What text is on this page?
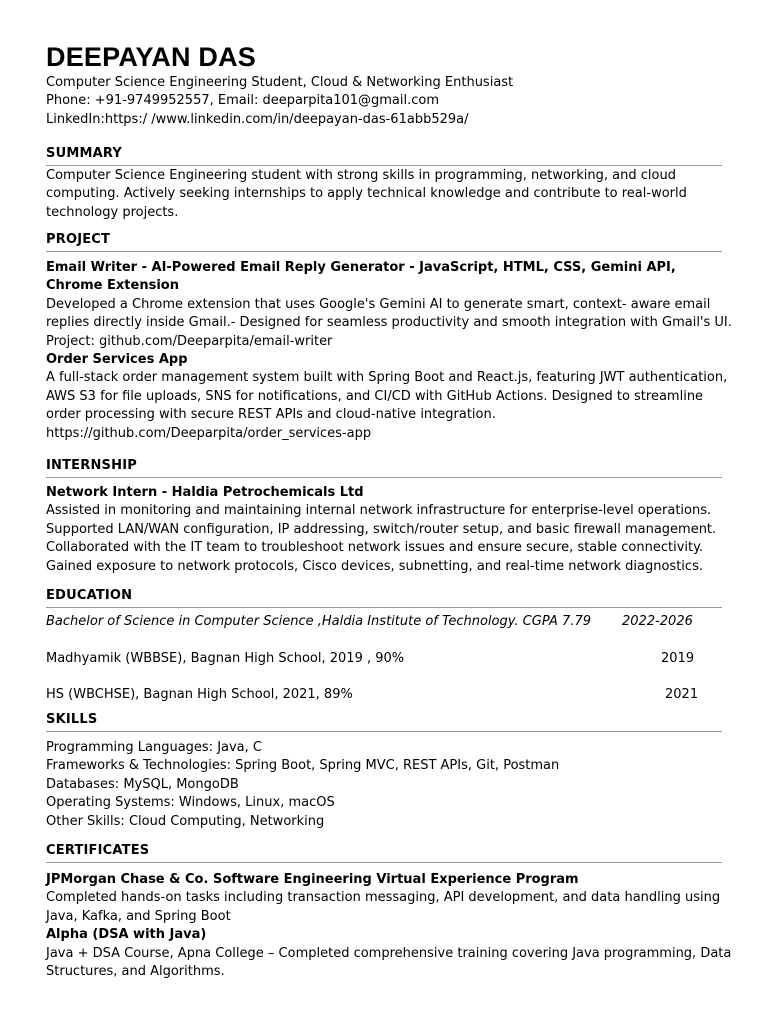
DEEPAYAN DAS
Computer Science Engineering Student, Cloud & Networking Enthusiast
Phone: +91-9749952557, Email: deeparpita101@gmail.com
LinkedIn:https:/ /www.linkedin.com/in/deepayan-das-61abb529a/
SUMMARY
Computer Science Engineering student with strong skills in programming, networking, and cloud
computing. Actively seeking internships to apply technical knowledge and contribute to real-world
technology projects.
PROJECT
Email Writer - AI-Powered Email Reply Generator - JavaScript, HTML, CSS, Gemini API,
Chrome Extension
Developed a Chrome extension that uses Google's Gemini AI to generate smart, context- aware email
replies directly inside Gmail.- Designed for seamless productivity and smooth integration with Gmail's UI.
Project: github.com/Deeparpita/email-writer
Order Services App
A full-stack order management system built with Spring Boot and React.js, featuring JWT authentication,
AWS S3 for file uploads, SNS for notifications, and CI/CD with GitHub Actions. Designed to streamline
order processing with secure REST APIs and cloud-native integration.
https://github.com/Deeparpita/order_services-app
INTERNSHIP
Network Intern - Haldia Petrochemicals Ltd
Assisted in monitoring and maintaining internal network infrastructure for enterprise-level operations.
Supported LAN/WAN configuration, IP addressing, switch/router setup, and basic firewall management.
Collaborated with the IT team to troubleshoot network issues and ensure secure, stable connectivity.
Gained exposure to network protocols, Cisco devices, subnetting, and real-time network diagnostics.
EDUCATION
Bachelor of Science in Computer Science ,Haldia Institute of Technology. CGPA 7.79 2022-2026
Madhyamik (WBBSE), Bagnan High School, 2019 , 90%	2019
HS (WBCHSE), Bagnan High School, 2021, 89%	2021
SKILLS
Programming Languages: Java, C
Frameworks & Technologies: Spring Boot, Spring MVC, REST APIs, Git, Postman
Databases: MySQL, MongoDB
Operating Systems: Windows, Linux, macOS
Other Skills: Cloud Computing, Networking
CERTIFICATES
JPMorgan Chase & Co. Software Engineering Virtual Experience Program
Completed hands-on tasks including transaction messaging, API development, and data handling using
Java, Kafka, and Spring Boot
Alpha (DSA with Java)
Java + DSA Course, Apna College – Completed comprehensive training covering Java programming, Data
Structures, and Algorithms.
